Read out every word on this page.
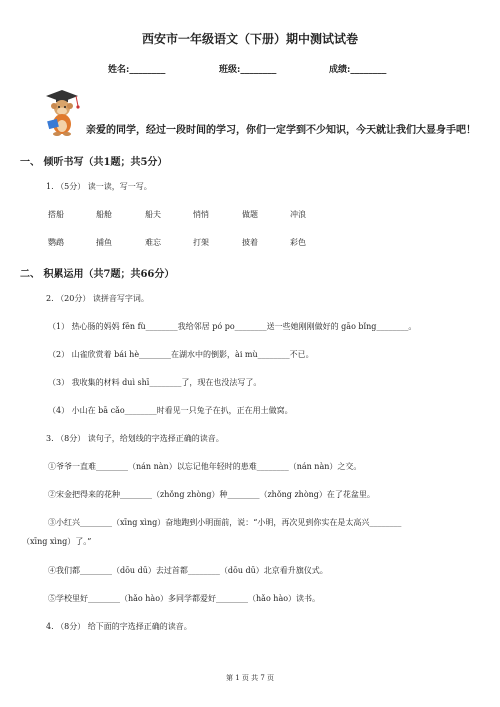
西安市一年级语文（下册）期中测试试卷
姓名:________	班级:________	成绩:________
亲爱的同学，经过一段时间的学习，你们一定学到不少知识，今天就让我们大显身手吧！
一、 倾听书写（共1题；共5分）
1. （5分） 读一读，写一写。
搭船	船舱	船夫	悄悄	做题	冲浪
鹦鹉	捕鱼	难忘	打架	披着	彩色
二、 积累运用（共7题；共66分）
2. （20分） 读拼音写字词。
（1） 热心肠的妈妈 fēn fù________我给邻居 pó po________送一些她刚刚做好的 gāo bǐng________。
（2） 山雀欣赏着 bái hè________在湖水中的倒影，ài mù________不已。
（3） 我收集的材料 duì shī________了，现在也没法写了。
（4） 小山在 bā cǎo________时看见一只兔子在扒，正在用土做窝。
3. （8分） 读句子，给划线的字选择正确的读音。
①爷爷一直难________（nán nàn）以忘记他年轻时的患难________（nán nàn）之交。
②宋金把得来的花种________（zhǒng zhòng）种________（zhǒng zhòng）在了花盆里。
③小红兴________（xīng xìng）奋地跑到小明面前，说：“小明，再次见到你实在是太高兴________
（xīng xìng）了。”
④我们都________（dōu dū）去过首都________（dōu dū）北京看升旗仪式。
⑤学校里好________（hǎo hào）多同学都爱好________（hǎo hào）读书。
4. （8分） 给下面的字选择正确的读音。
第 1 页 共 7 页
